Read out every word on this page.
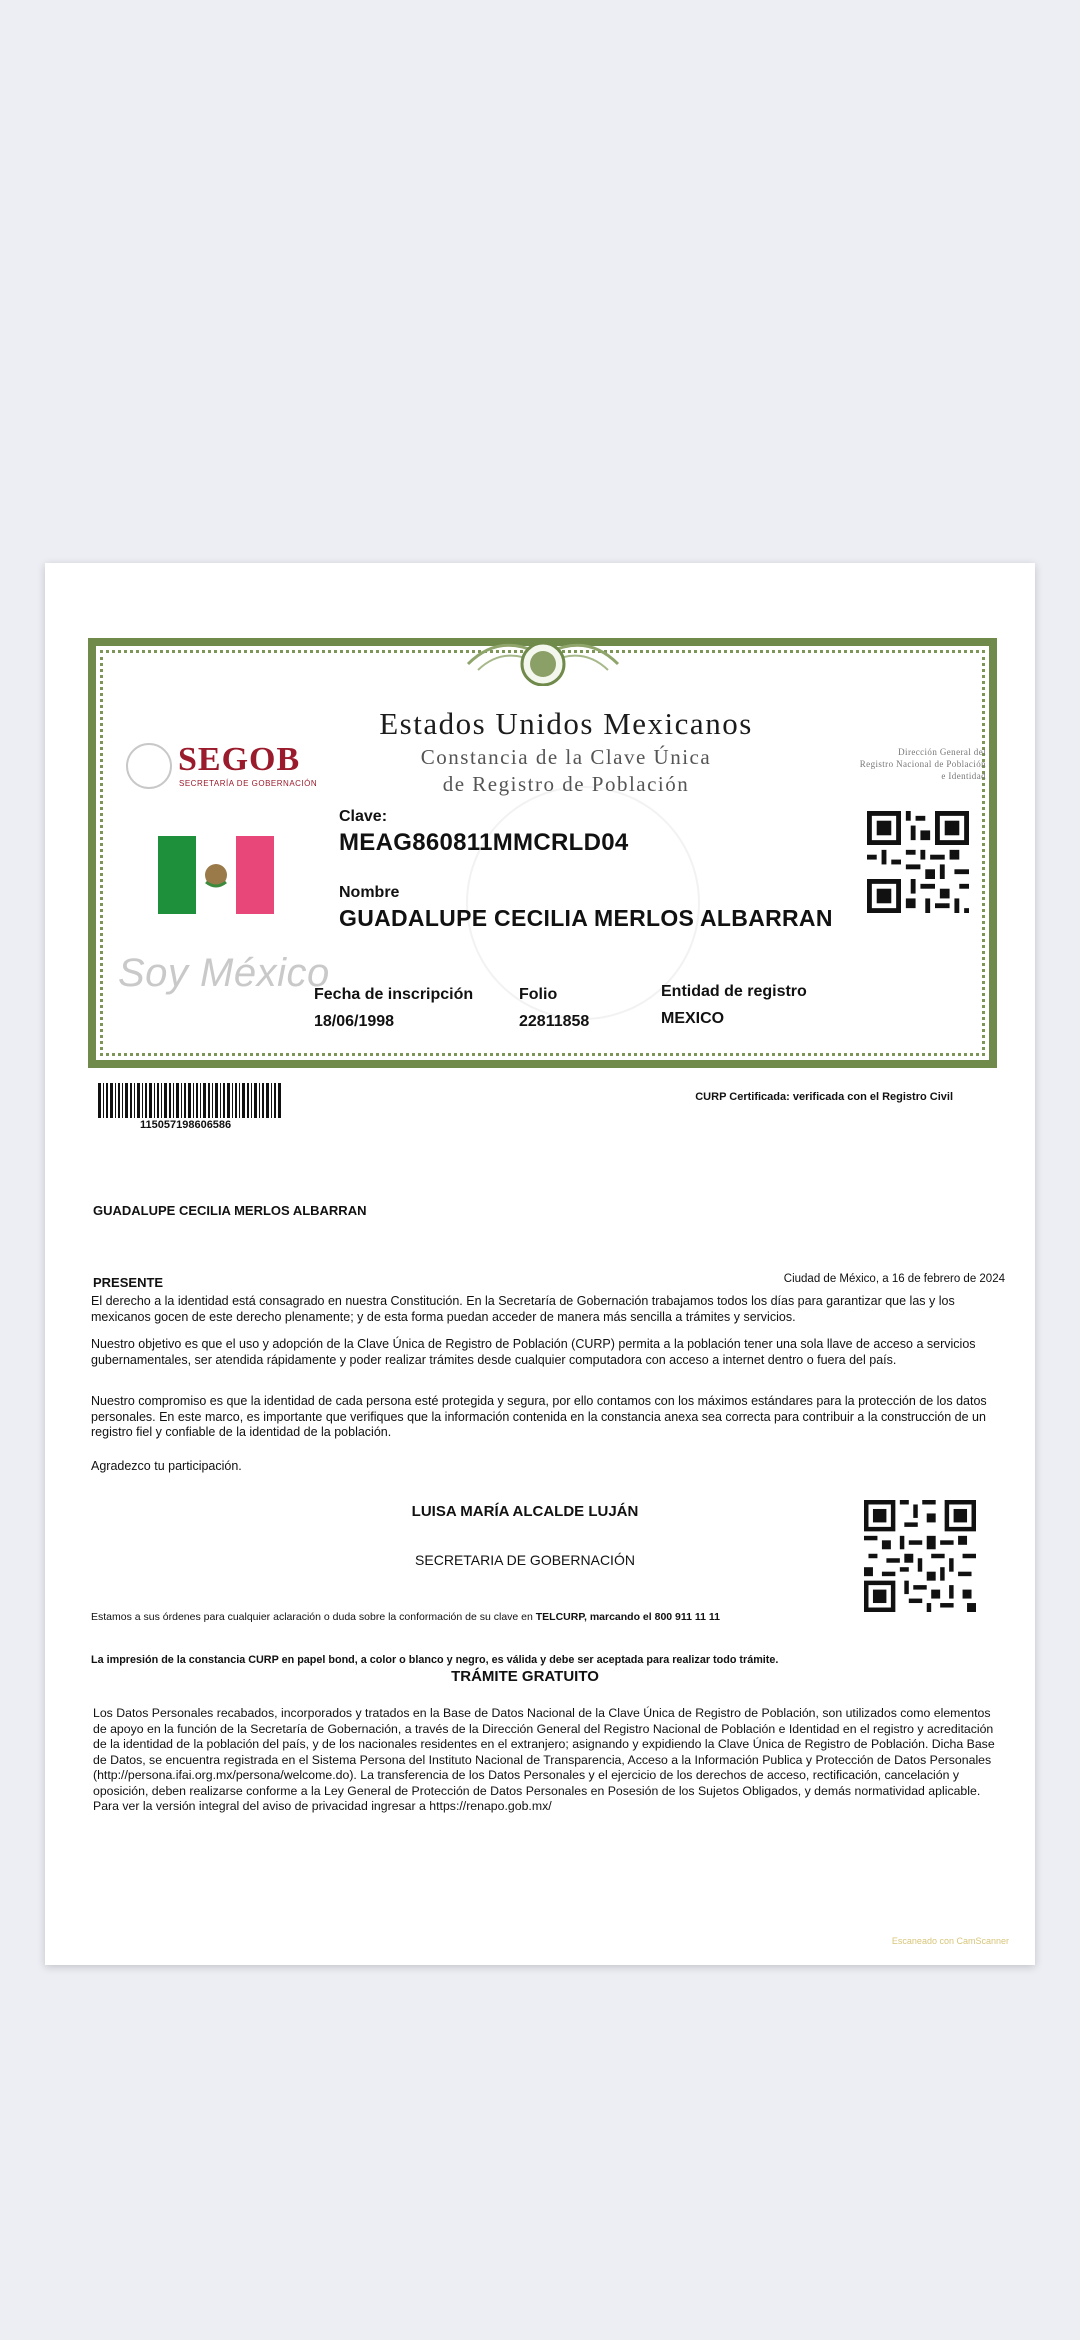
SEGOB
SECRETARÍA DE GOBERNACIÓN
Estados Unidos Mexicanos
Constancia de la Clave Única
de Registro de Población
Dirección General del
Registro Nacional de Población
e Identidad
Soy México
Clave:
MEAG860811MMCRLD04
Nombre
GUADALUPE CECILIA MERLOS ALBARRAN
Fecha de inscripción
18/06/1998
Folio
22811858
Entidad de registro
MEXICO
115057198606586
CURP Certificada: verificada con el Registro Civil
GUADALUPE CECILIA MERLOS ALBARRAN
PRESENTE	Ciudad de México, a 16 de febrero de 2024
El derecho a la identidad está consagrado en nuestra Constitución. En la Secretaría de Gobernación trabajamos todos los días para garantizar que las y los mexicanos gocen de este derecho plenamente; y de esta forma puedan acceder de manera más sencilla a trámites y servicios.
Nuestro objetivo es que el uso y adopción de la Clave Única de Registro de Población (CURP) permita a la población tener una sola llave de acceso a servicios gubernamentales, ser atendida rápidamente y poder realizar trámites desde cualquier computadora con acceso a internet dentro o fuera del país.
Nuestro compromiso es que la identidad de cada persona esté protegida y segura, por ello contamos con los máximos estándares para la protección de los datos personales. En este marco, es importante que verifiques que la información contenida en la constancia anexa sea correcta para contribuir a la construcción de un registro fiel y confiable de la identidad de la población.
Agradezco tu participación.
LUISA MARÍA ALCALDE LUJÁN
SECRETARIA DE GOBERNACIÓN
Estamos a sus órdenes para cualquier aclaración o duda sobre la conformación de su clave en TELCURP, marcando el 800 911 11 11
La impresión de la constancia CURP en papel bond, a color o blanco y negro, es válida y debe ser aceptada para realizar todo trámite.
TRÁMITE GRATUITO
Los Datos Personales recabados, incorporados y tratados en la Base de Datos Nacional de la Clave Única de Registro de Población, son utilizados como elementos de apoyo en la función de la Secretaría de Gobernación, a través de la Dirección General del Registro Nacional de Población e Identidad en el registro y acreditación de la identidad de la población del país, y de los nacionales residentes en el extranjero; asignando y expidiendo la Clave Única de Registro de Población. Dicha Base de Datos, se encuentra registrada en el Sistema Persona del Instituto Nacional de Transparencia, Acceso a la Información Publica y Protección de Datos Personales (http://persona.ifai.org.mx/persona/welcome.do). La transferencia de los Datos Personales y el ejercicio de los derechos de acceso, rectificación, cancelación y oposición, deben realizarse conforme a la Ley General de Protección de Datos Personales en Posesión de los Sujetos Obligados, y demás normatividad aplicable. Para ver la versión integral del aviso de privacidad ingresar a https://renapo.gob.mx/
Escaneado con CamScanner
